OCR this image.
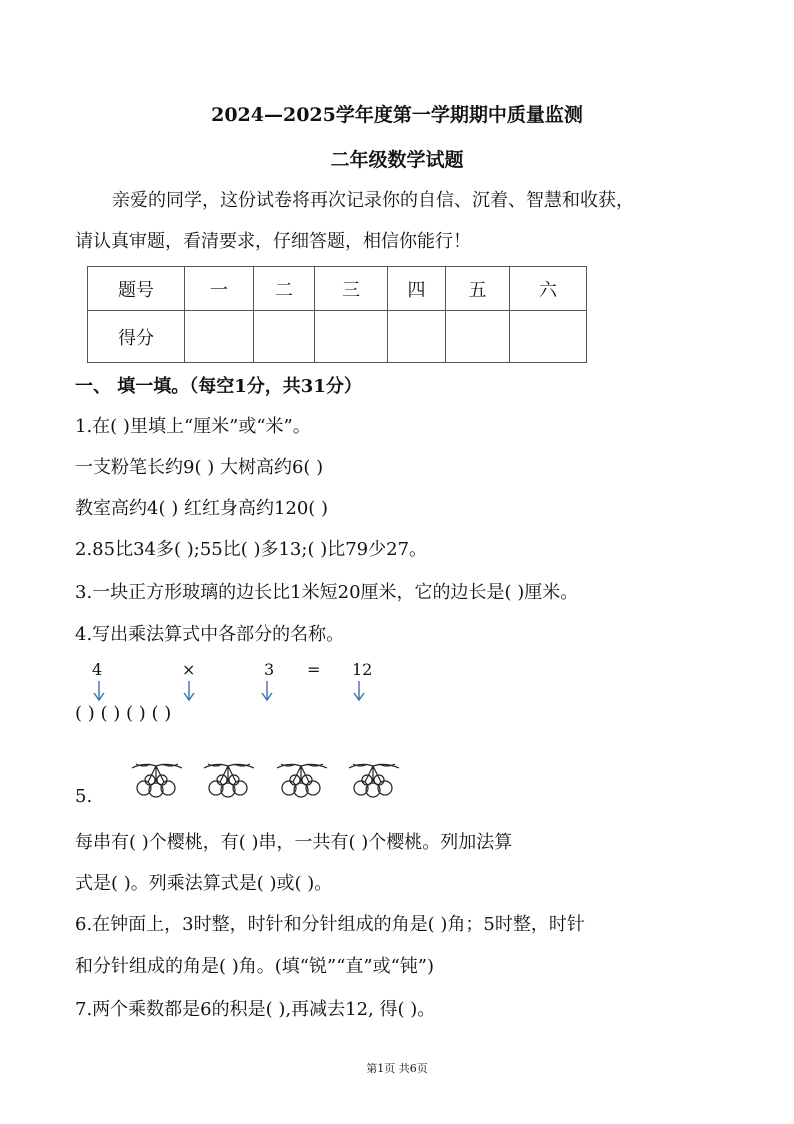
2024—2025学年度第一学期期中质量监测
二年级数学试题
亲爱的同学，这份试卷将再次记录你的自信、沉着、智慧和收获，
请认真审题，看清要求，仔细答题，相信你能行！
题号	一	二	三	四	五	六
得分						
一、 填一填。（每空1分，共31分）
1.在( )里填上“厘米”或“米”。
一支粉笔长约9( ) 大树高约6( )
教室高约4( ) 红红身高约120( )
2.85比34多( );55比( )多13;( )比79少27。
3.一块正方形玻璃的边长比1米短20厘米，它的边长是( )厘米。
4.写出乘法算式中各部分的名称。
4	×	3 = 12
( ) ( ) ( ) ( )
5.
每串有( )个樱桃，有( )串，一共有( )个樱桃。列加法算
式是( )。列乘法算式是( )或( )。
6.在钟面上，3时整，时针和分针组成的角是( )角；5时整，时针
和分针组成的角是( )角。(填“锐”“直”或“钝”)
7.两个乘数都是6的积是( ),再减去12, 得( )。
第1页 共6页
